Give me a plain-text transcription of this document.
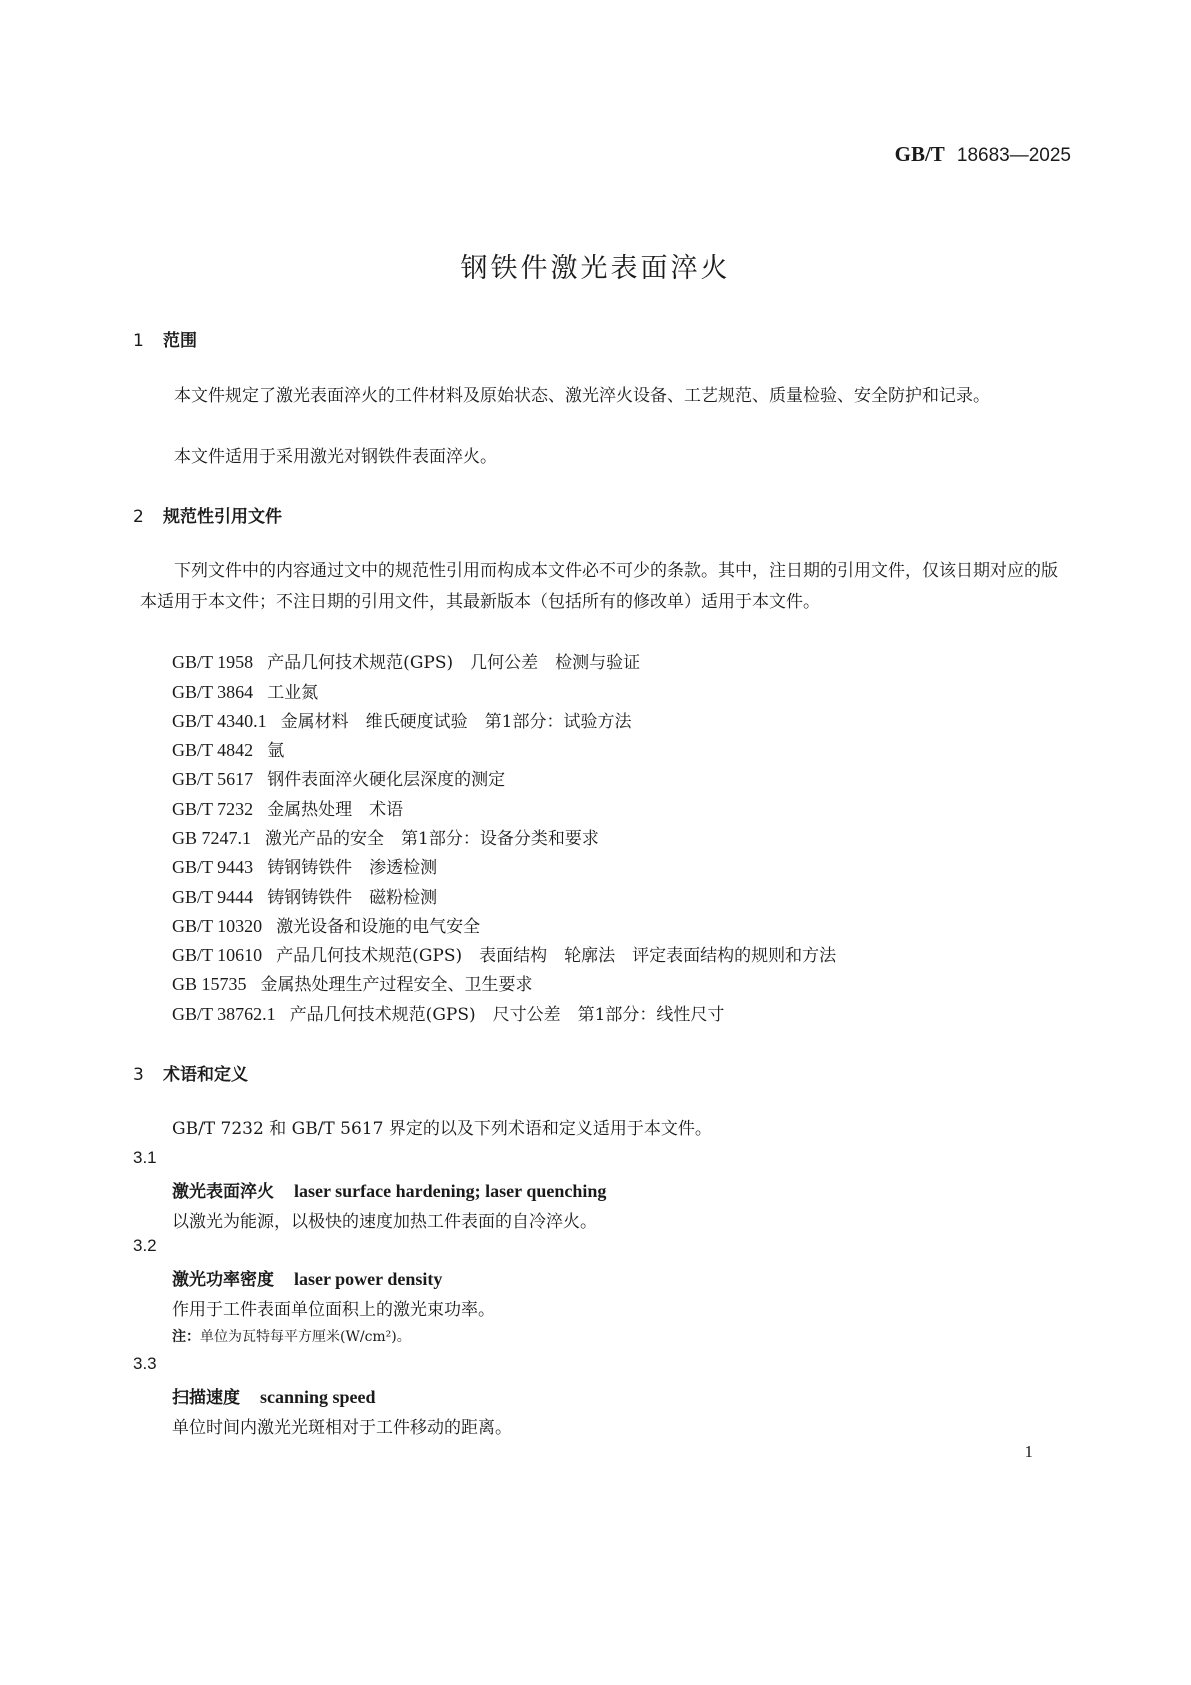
GB/T 18683—2025
钢铁件激光表面淬火
1 范围
本文件规定了激光表面淬火的工件材料及原始状态、激光淬火设备、工艺规范、质量检验、安全防护和记录。
本文件适用于采用激光对钢铁件表面淬火。
2 规范性引用文件
下列文件中的内容通过文中的规范性引用而构成本文件必不可少的条款。其中，注日期的引用文件，仅该日期对应的版本适用于本文件；不注日期的引用文件，其最新版本（包括所有的修改单）适用于本文件。
GB/T 1958 产品几何技术规范(GPS)　几何公差　检测与验证
GB/T 3864 工业氮
GB/T 4340.1 金属材料　维氏硬度试验　第1部分：试验方法
GB/T 4842 氩
GB/T 5617 钢件表面淬火硬化层深度的测定
GB/T 7232 金属热处理　术语
GB 7247.1 激光产品的安全　第1部分：设备分类和要求
GB/T 9443 铸钢铸铁件　渗透检测
GB/T 9444 铸钢铸铁件　磁粉检测
GB/T 10320 激光设备和设施的电气安全
GB/T 10610 产品几何技术规范(GPS)　表面结构　轮廓法　评定表面结构的规则和方法
GB 15735 金属热处理生产过程安全、卫生要求
GB/T 38762.1 产品几何技术规范(GPS)　尺寸公差　第1部分：线性尺寸
3 术语和定义
GB/T 7232 和 GB/T 5617 界定的以及下列术语和定义适用于本文件。
3.1
激光表面淬火 laser surface hardening; laser quenching
以激光为能源，以极快的速度加热工件表面的自冷淬火。
3.2
激光功率密度 laser power density
作用于工件表面单位面积上的激光束功率。
注：单位为瓦特每平方厘米(W/cm²)。
3.3
扫描速度 scanning speed
单位时间内激光光斑相对于工件移动的距离。
1
